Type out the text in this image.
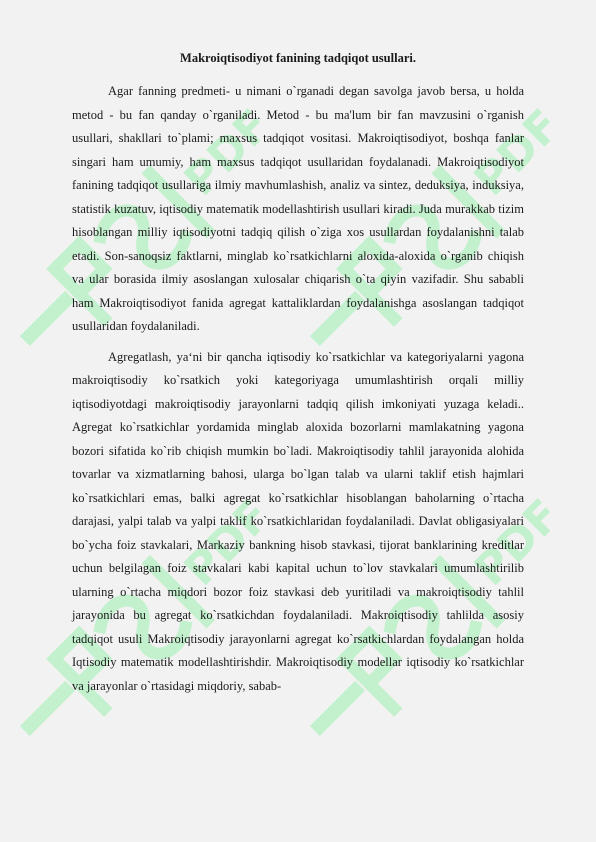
PDF	PDF
PDF	PDF

Makroiqtisodiyot fanining tadqiqot usullari.

Agar fanning predmeti- u nimani o`rganadi degan savolga javob bersa, u holda metod - bu fan qanday o`rganiladi. Metod - bu ma'lum bir fan mavzusini o`rganish usullari, shakllari to`plami; maxsus tadqiqot vositasi. Makroiqtisodiyot, boshqa fanlar singari ham umumiy, ham maxsus tadqiqot usullaridan foydalanadi. Makroiqtisodiyot fanining tadqiqot usullariga ilmiy mavhumlashish, analiz va sintez, deduksiya, induksiya, statistik kuzatuv, iqtisodiy matematik modellashtirish usullari kiradi. Juda murakkab tizim hisoblangan milliy iqtisodiyotni tadqiq qilish o`ziga xos usullardan foydalanishni talab etadi. Son-sanoqsiz faktlarni, minglab ko`rsatkichlarni aloxida-aloxida o`rganib chiqish va ular borasida ilmiy asoslangan xulosalar chiqarish o`ta qiyin vazifadir. Shu sababli ham Makroiqtisodiyot fanida agregat kattaliklardan foydalanishga asoslangan tadqiqot usullaridan foydalaniladi.

Agregatlash, ya‘ni bir qancha iqtisodiy ko`rsatkichlar va kategoriyalarni yagona makroiqtisodiy ko`rsatkich yoki kategoriyaga umumlashtirish orqali milliy iqtisodiyotdagi makroiqtisodiy jarayonlarni tadqiq qilish imkoniyati yuzaga keladi.. Agregat ko`rsatkichlar yordamida minglab aloxida bozorlarni mamlakatning yagona bozori sifatida ko`rib chiqish mumkin bo`ladi. Makroiqtisodiy tahlil jarayonida alohida tovarlar va xizmatlarning bahosi, ularga bo`lgan talab va ularni taklif etish hajmlari ko`rsatkichlari emas, balki agregat ko`rsatkichlar hisoblangan baholarning o`rtacha darajasi, yalpi talab va yalpi taklif ko`rsatkichlaridan foydalaniladi. Davlat obligasiyalari bo`ycha foiz stavkalari, Markaziy bankning hisob stavkasi, tijorat banklarining kreditlar uchun belgilagan foiz stavkalari kabi kapital uchun to`lov stavkalari umumlashtirilib ularning o`rtacha miqdori bozor foiz stavkasi deb yuritiladi va makroiqtisodiy tahlil jarayonida bu agregat ko`rsatkichdan foydalaniladi. Makroiqtisodiy tahlilda asosiy tadqiqot usuli Makroiqtisodiy jarayonlarni agregat ko`rsatkichlardan foydalangan holda Iqtisodiy matematik modellashtirishdir. Makroiqtisodiy modellar iqtisodiy ko`rsatkichlar va jarayonlar o`rtasidagi miqdoriy, sabab-
